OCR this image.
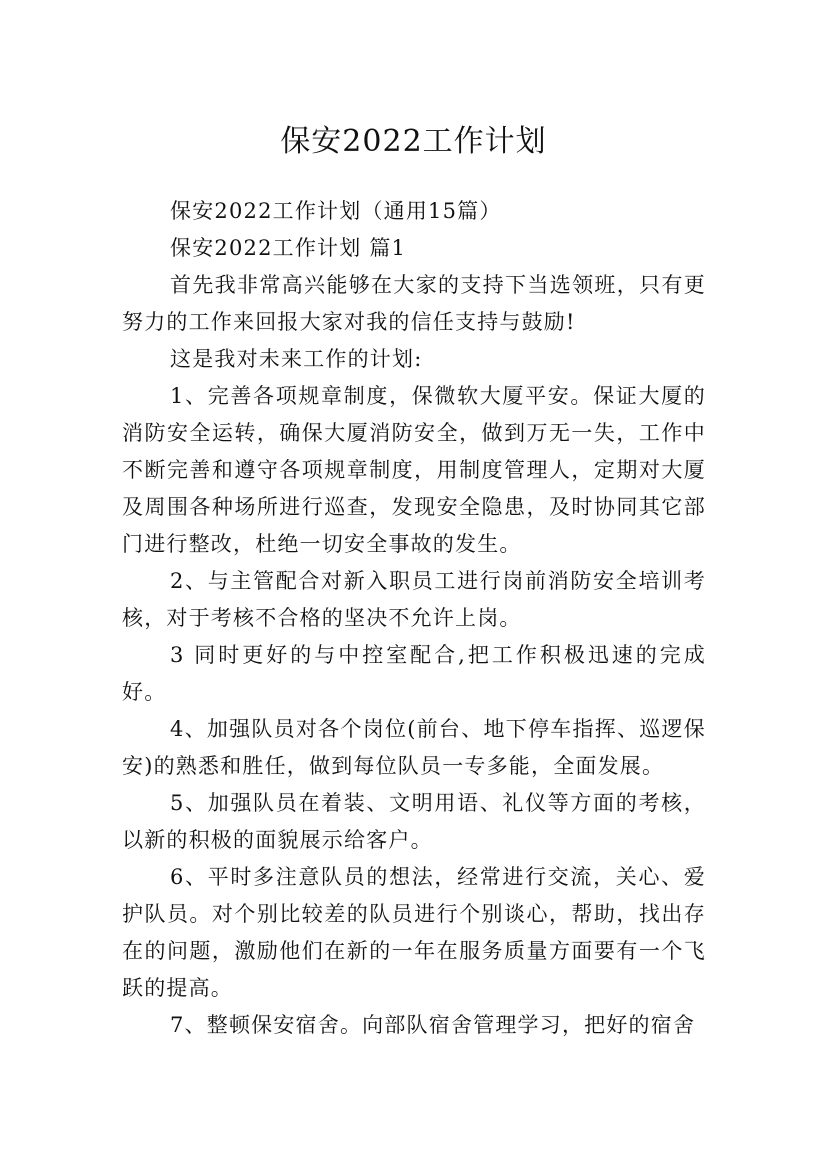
保安2022工作计划

保安2022工作计划（通用15篇）

保安2022工作计划 篇1

首先我非常高兴能够在大家的支持下当选领班，只有更努力的工作来回报大家对我的信任支持与鼓励!

这是我对未来工作的计划:

1、完善各项规章制度，保微软大厦平安。保证大厦的消防安全运转，确保大厦消防安全，做到万无一失，工作中不断完善和遵守各项规章制度，用制度管理人，定期对大厦及周围各种场所进行巡查，发现安全隐患，及时协同其它部门进行整改，杜绝一切安全事故的发生。

2、与主管配合对新入职员工进行岗前消防安全培训考核，对于考核不合格的坚决不允许上岗。

3 同时更好的与中控室配合,把工作积极迅速的完成好。

4、加强队员对各个岗位(前台、地下停车指挥、巡逻保安)的熟悉和胜任，做到每位队员一专多能，全面发展。

5、加强队员在着装、文明用语、礼仪等方面的考核，以新的积极的面貌展示给客户。

6、平时多注意队员的想法，经常进行交流，关心、爱护队员。对个别比较差的队员进行个别谈心，帮助，找出存在的问题，激励他们在新的一年在服务质量方面要有一个飞跃的提高。

7、整顿保安宿舍。向部队宿舍管理学习，把好的宿舍
